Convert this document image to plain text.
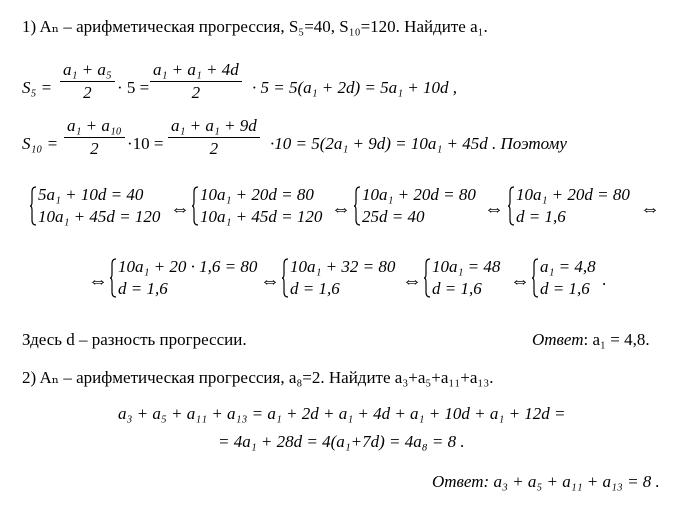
1) Aₙ – арифметическая прогрессия, S₅=40, S₁₀=120. Найдите a₁.
S₅ =
a₁ + a₅
2 · 5 =
a₁ + a₁ + 4d
2	· 5 = 5(a₁ + 2d) = 5a₁ + 10d ,
S₁₀ =
a₁ + a₁₀
2 ·10 =
a₁ + a₁ + 9d
2	·10 = 5(2a₁ + 9d) = 10a₁ + 45d . Поэтому
5a₁ + 10d = 40
10a₁ + 45d = 120 ⇔
10a₁ + 20d = 80
10a₁ + 45d = 120 ⇔
10a₁ + 20d = 80
25d = 40	⇔
10a₁ + 20d = 80
d = 1,6	⇔
⇔
10a₁ + 20 · 1,6 = 80
d = 1,6	⇔
10a₁ + 32 = 80
d = 1,6	⇔
10a₁ = 48
d = 1,6	⇔
a₁ = 4,8
d = 1,6 .
Здесь d – разность прогрессии.	Ответ: a₁ = 4,8.
2) Aₙ – арифметическая прогрессия, a₈=2. Найдите a₃+a₅+a₁₁+a₁₃.
a₃ + a₅ + a₁₁ + a₁₃ = a₁ + 2d + a₁ + 4d + a₁ + 10d + a₁ + 12d =
= 4a₁ + 28d = 4(a₁+7d) = 4a₈ = 8 .
Ответ: a₃ + a₅ + a₁₁ + a₁₃ = 8 .
